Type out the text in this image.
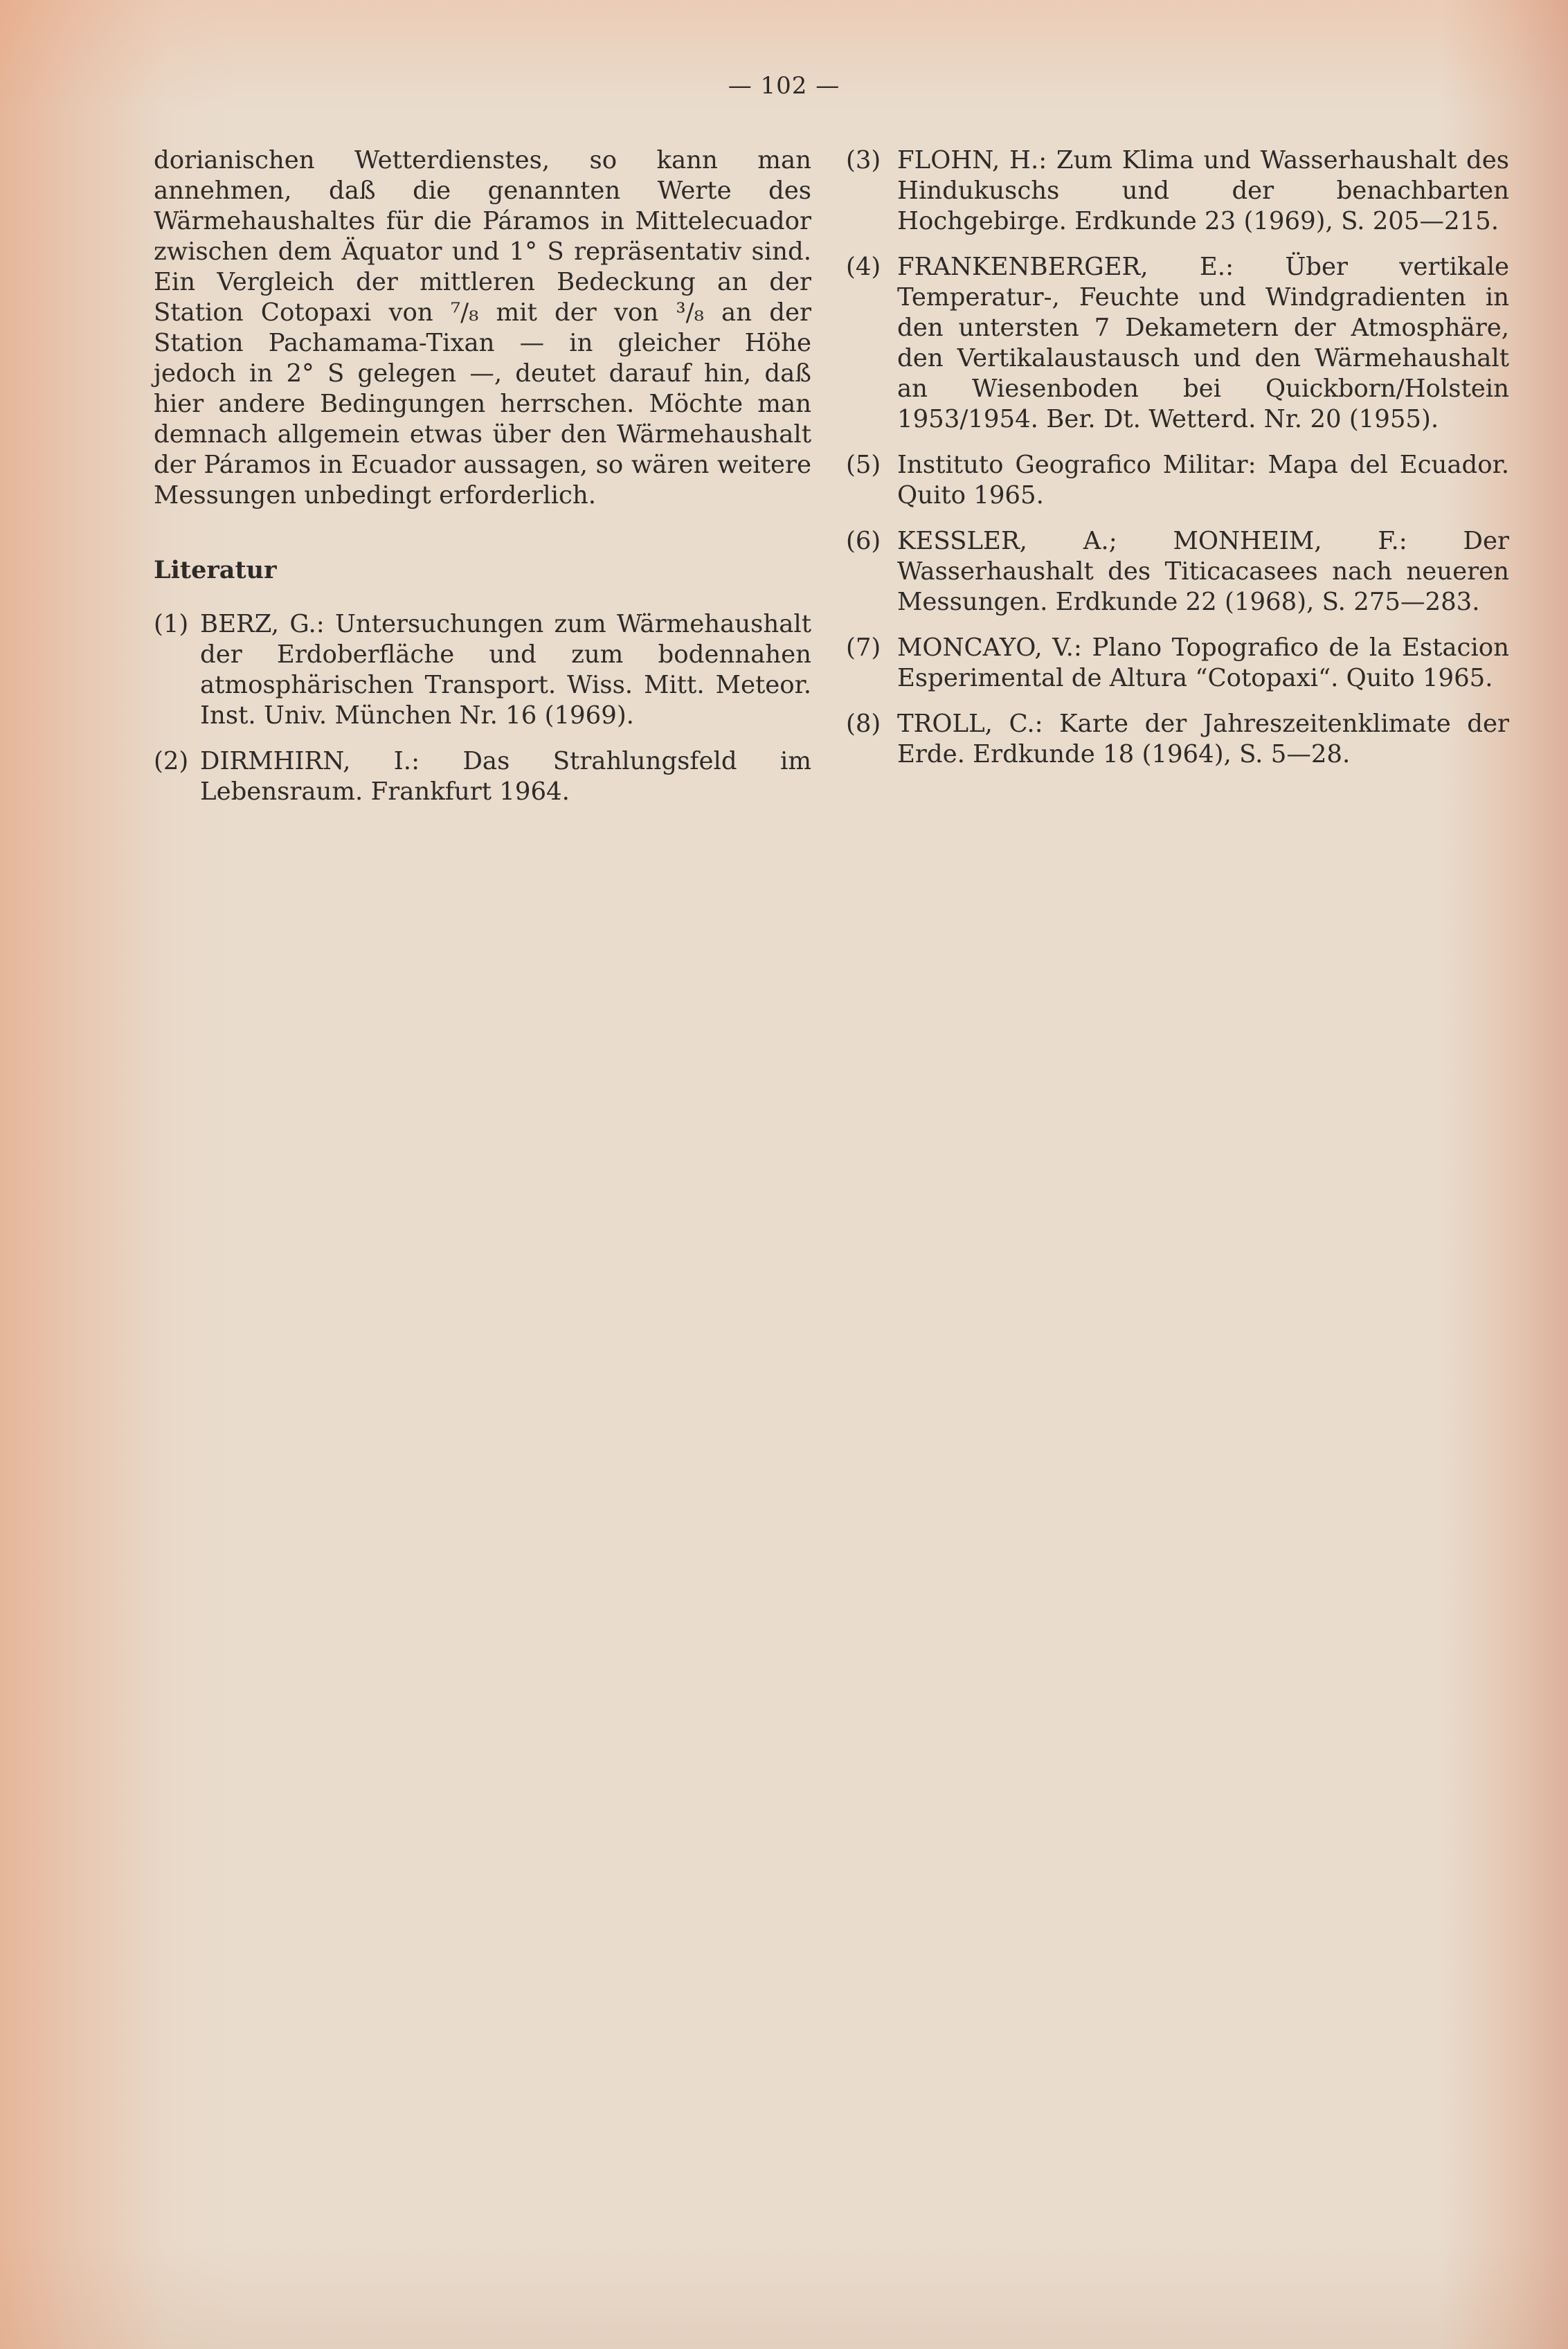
— 102 —

dorianischen Wetterdienstes, so kann man annehmen, daß die genannten Werte des Wärmehaushaltes für die Páramos in Mittelecuador zwischen dem Äquator und 1° S repräsentativ sind. Ein Vergleich der mittleren Bedeckung an der Station Cotopaxi von ⁷/₈ mit der von ³/₈ an der Station Pachamama-Tixan — in gleicher Höhe jedoch in 2° S gelegen —, deutet darauf hin, daß hier andere Bedingungen herrschen. Möchte man demnach allgemein etwas über den Wärmehaushalt der Páramos in Ecuador aussagen, so wären weitere Messungen unbedingt erforderlich.

Literatur
(1) BERZ, G.: Untersuchungen zum Wärmehaushalt der Erdoberfläche und zum bodennahen atmosphärischen Transport. Wiss. Mitt. Meteor. Inst. Univ. München Nr. 16 (1969).
(2) DIRMHIRN, I.: Das Strahlungsfeld im Lebensraum. Frankfurt 1964.
(3) FLOHN, H.: Zum Klima und Wasserhaushalt des Hindukuschs und der benachbarten Hochgebirge. Erdkunde 23 (1969), S. 205—215.
(4) FRANKENBERGER, E.: Über vertikale Temperatur-, Feuchte und Windgradienten in den untersten 7 Dekametern der Atmosphäre, den Vertikalaustausch und den Wärmehaushalt an Wiesenboden bei Quickborn/Holstein 1953/1954. Ber. Dt. Wetterd. Nr. 20 (1955).
(5) Instituto Geografico Militar: Mapa del Ecuador. Quito 1965.
(6) KESSLER, A.; MONHEIM, F.: Der Wasserhaushalt des Titicacasees nach neueren Messungen. Erdkunde 22 (1968), S. 275—283.
(7) MONCAYO, V.: Plano Topografico de la Estacion Esperimental de Altura “Cotopaxi“. Quito 1965.
(8) TROLL, C.: Karte der Jahreszeitenklimate der Erde. Erdkunde 18 (1964), S. 5—28.
